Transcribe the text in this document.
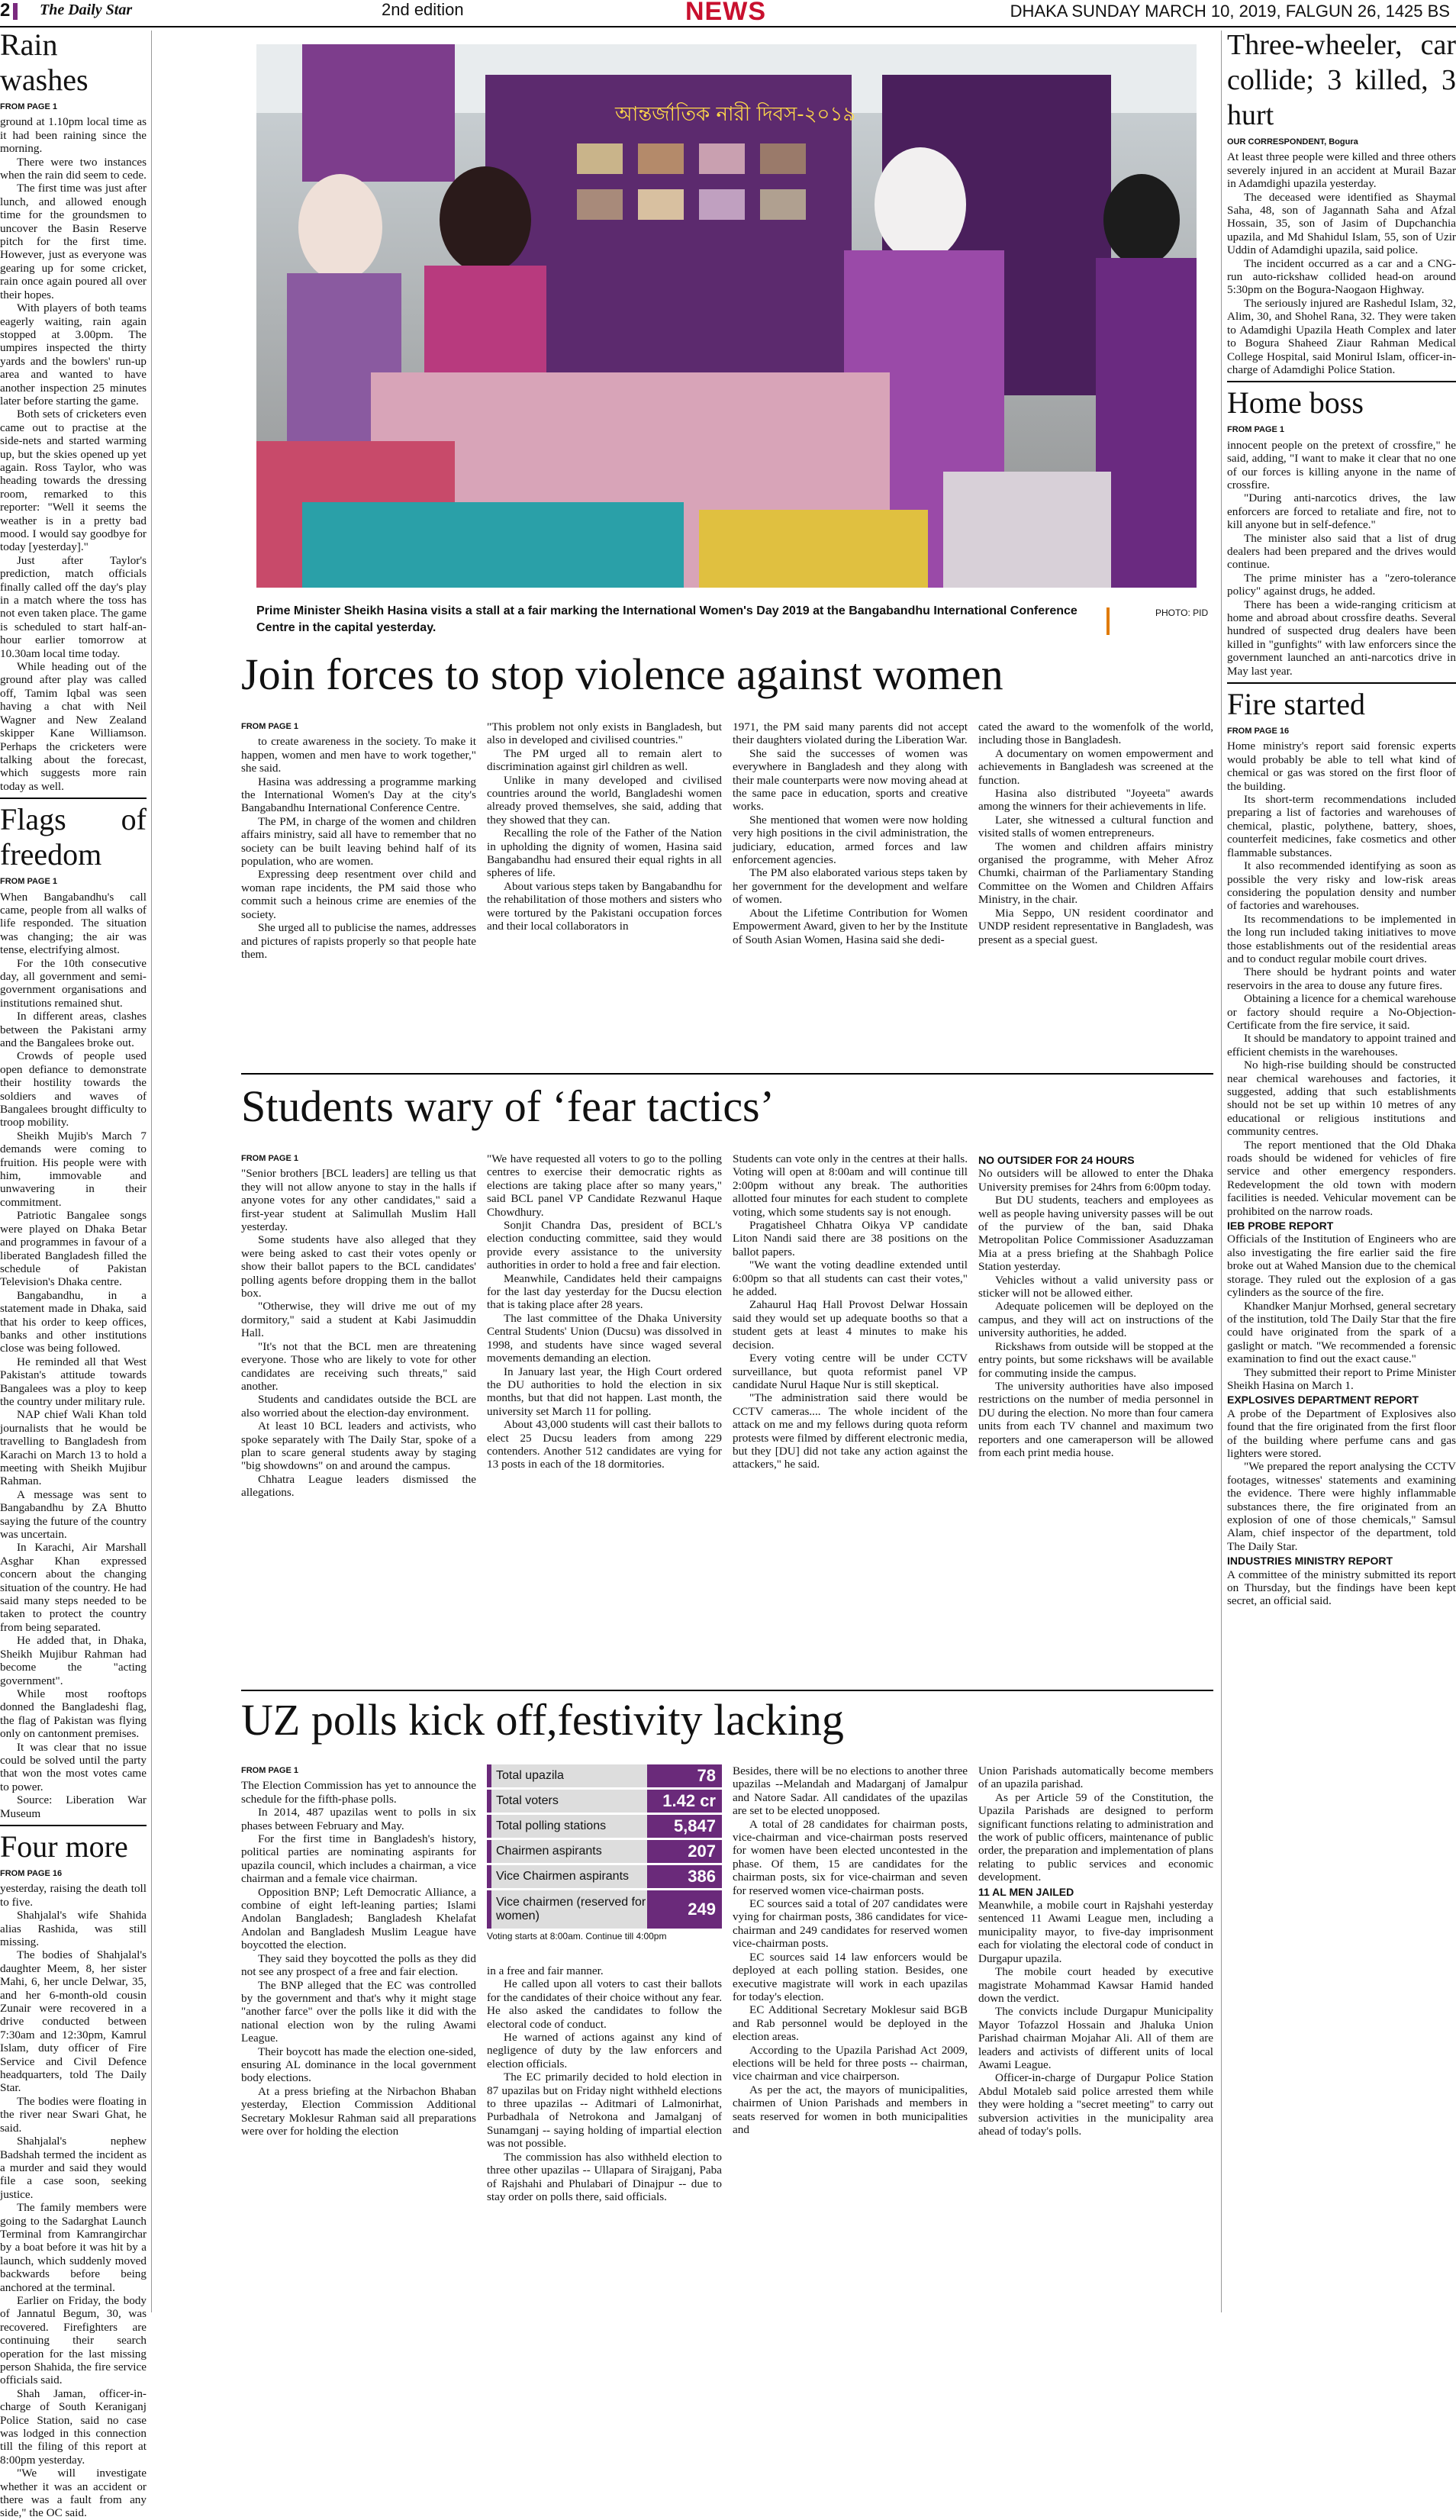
2	The Daily Star	2nd edition	NEWS	DHAKA SUNDAY MARCH 10, 2019, FALGUN 26, 1425 BS
Rain washes
FROM PAGE 1

ground at 1.10pm local time as it had been raining since the morning.

There were two instances when the rain did seem to cede.

The first time was just after lunch, and allowed enough time for the groundsmen to uncover the Basin Reserve pitch for the first time. However, just as everyone was gearing up for some cricket, rain once again poured all over their hopes.

With players of both teams eagerly waiting, rain again stopped at 3.00pm. The umpires inspected the thirty yards and the bowlers' run-up area and wanted to have another inspection 25 minutes later before starting the game.

Both sets of cricketers even came out to practise at the side-nets and started warming up, but the skies opened up yet again. Ross Taylor, who was heading towards the dressing room, remarked to this reporter: "Well it seems the weather is in a pretty bad mood. I would say goodbye for today [yesterday]."

Just after Taylor's prediction, match officials finally called off the day's play in a match where the toss has not even taken place. The game is scheduled to start half-an-hour earlier tomorrow at 10.30am local time today.

While heading out of the ground after play was called off, Tamim Iqbal was seen having a chat with Neil Wagner and New Zealand skipper Kane Williamson. Perhaps the cricketers were talking about the forecast, which suggests more rain today as well.

Flags of freedom
FROM PAGE 1

When Bangabandhu's call came, people from all walks of life responded. The situation was changing; the air was tense, electrifying almost.

For the 10th consecutive day, all government and semi-government organisations and institutions remained shut.

In different areas, clashes between the Pakistani army and the Bangalees broke out.

Crowds of people used open defiance to demonstrate their hostility towards the soldiers and waves of Bangalees brought difficulty to troop mobility.

Sheikh Mujib's March 7 demands were coming to fruition. His people were with him, immovable and unwavering in their commitment.

Patriotic Bangalee songs were played on Dhaka Betar and programmes in favour of a liberated Bangladesh filled the schedule of Pakistan Television's Dhaka centre.

Bangabandhu, in a statement made in Dhaka, said that his order to keep offices, banks and other institutions close was being followed.

He reminded all that West Pakistan's attitude towards Bangalees was a ploy to keep the country under military rule.

NAP chief Wali Khan told journalists that he would be travelling to Bangladesh from Karachi on March 13 to hold a meeting with Sheikh Mujibur Rahman.

A message was sent to Bangabandhu by ZA Bhutto saying the future of the country was uncertain.

In Karachi, Air Marshall Asghar Khan expressed concern about the changing situation of the country. He had said many steps needed to be taken to protect the country from being separated.

He added that, in Dhaka, Sheikh Mujibur Rahman had become the "acting government".

While most rooftops donned the Bangladeshi flag, the flag of Pakistan was flying only on cantonment premises.

It was clear that no issue could be solved until the party that won the most votes came to power.

Source: Liberation War Museum

Four more
FROM PAGE 16

yesterday, raising the death toll to five.

Shahjalal's wife Shahida alias Rashida, was still missing.

The bodies of Shahjalal's daughter Meem, 8, her sister Mahi, 6, her uncle Delwar, 35, and her 6-month-old cousin Zunair were recovered in a drive conducted between 7:30am and 12:30pm, Kamrul Islam, duty officer of Fire Service and Civil Defence headquarters, told The Daily Star.

The bodies were floating in the river near Swari Ghat, he said.

Shahjalal's nephew Badshah termed the incident as a murder and said they would file a case soon, seeking justice.

The family members were going to the Sadarghat Launch Terminal from Kamrangirchar by a boat before it was hit by a launch, which suddenly moved backwards before being anchored at the terminal.

Earlier on Friday, the body of Jannatul Begum, 30, was recovered. Firefighters are continuing their search operation for the last missing person Shahida, the fire service officials said.

Shah Jaman, officer-in-charge of South Keraniganj Police Station, said no case was lodged in this connection till the filing of this report at 8:00pm yesterday.

"We will investigate whether it was an accident or there was a fault from any side," the OC said.

আন্তর্জাতিক নারী দিবস-২০১৯
Prime Minister Sheikh Hasina visits a stall at a fair marking the International Women's Day 2019 at the Bangabandhu International Conference Centre in the capital yesterday.
PHOTO: PID
Join forces to stop violence against women
FROM PAGE 1

to create awareness in the society. To make it happen, women and men have to work together," she said.

Hasina was addressing a programme marking the International Women's Day at the city's Bangabandhu International Conference Centre.

The PM, in charge of the women and children affairs ministry, said all have to remember that no society can be built leaving behind half of its population, who are women.

Expressing deep resentment over child and woman rape incidents, the PM said those who commit such a heinous crime are enemies of the society.

She urged all to publicise the names, addresses and pictures of rapists properly so that people hate them.

"This problem not only exists in Bangladesh, but also in developed and civilised countries."

The PM urged all to remain alert to discrimination against girl children as well.

Unlike in many developed and civilised countries around the world, Bangladeshi women already proved themselves, she said, adding that they showed that they can.

Recalling the role of the Father of the Nation in upholding the dignity of women, Hasina said Bangabandhu had ensured their equal rights in all spheres of life.

About various steps taken by Bangabandhu for the rehabilitation of those mothers and sisters who were tortured by the Pakistani occupation forces and their local collaborators in

1971, the PM said many parents did not accept their daughters violated during the Liberation War.

She said the successes of women was everywhere in Bangladesh and they along with their male counterparts were now moving ahead at the same pace in education, sports and creative works.

She mentioned that women were now holding very high positions in the civil administration, the judiciary, education, armed forces and law enforcement agencies.

The PM also elaborated various steps taken by her government for the development and welfare of women.

About the Lifetime Contribution for Women Empowerment Award, given to her by the Institute of South Asian Women, Hasina said she dedi-

cated the award to the womenfolk of the world, including those in Bangladesh.

A documentary on women empowerment and achievements in Bangladesh was screened at the function.

Hasina also distributed "Joyeeta" awards among the winners for their achievements in life.

Later, she witnessed a cultural function and visited stalls of women entrepreneurs.

The women and children affairs ministry organised the programme, with Meher Afroz Chumki, chairman of the Parliamentary Standing Committee on the Women and Children Affairs Ministry, in the chair.

Mia Seppo, UN resident coordinator and UNDP resident representative in Bangladesh, was present as a special guest.

Students wary of ‘fear tactics’
FROM PAGE 1

"Senior brothers [BCL leaders] are telling us that they will not allow anyone to stay in the halls if anyone votes for any other candidates," said a first-year student at Salimullah Muslim Hall yesterday.

Some students have also alleged that they were being asked to cast their votes openly or show their ballot papers to the BCL candidates' polling agents before dropping them in the ballot box.

"Otherwise, they will drive me out of my dormitory," said a student at Kabi Jasimuddin Hall.

"It's not that the BCL men are threatening everyone. Those who are likely to vote for other candidates are receiving such threats," said another.

Students and candidates outside the BCL are also worried about the election-day environment.

At least 10 BCL leaders and activists, who spoke separately with The Daily Star, spoke of a plan to scare general students away by staging "big showdowns" on and around the campus.

Chhatra League leaders dismissed the allegations.

"We have requested all voters to go to the polling centres to exercise their democratic rights as elections are taking place after so many years," said BCL panel VP Candidate Rezwanul Haque Chowdhury.

Sonjit Chandra Das, president of BCL's election conducting committee, said they would provide every assistance to the university authorities in order to hold a free and fair election.

Meanwhile, Candidates held their campaigns for the last day yesterday for the Ducsu election that is taking place after 28 years.

The last committee of the Dhaka University Central Students' Union (Ducsu) was dissolved in 1998, and students have since waged several movements demanding an election.

In January last year, the High Court ordered the DU authorities to hold the election in six months, but that did not happen. Last month, the university set March 11 for polling.

About 43,000 students will cast their ballots to elect 25 Ducsu leaders from among 229 contenders. Another 512 candidates are vying for 13 posts in each of the 18 dormitories.

Students can vote only in the centres at their halls. Voting will open at 8:00am and will continue till 2:00pm without any break. The authorities allotted four minutes for each student to complete voting, which some students say is not enough.

Pragatisheel Chhatra Oikya VP candidate Liton Nandi said there are 38 positions on the ballot papers.

"We want the voting deadline extended until 6:00pm so that all students can cast their votes," he added.

Zahaurul Haq Hall Provost Delwar Hossain said they would set up adequate booths so that a student gets at least 4 minutes to make his decision.

Every voting centre will be under CCTV surveillance, but quota reformist panel VP candidate Nurul Haque Nur is still skeptical.

"The administration said there would be CCTV cameras.... The whole incident of the attack on me and my fellows during quota reform protests were filmed by different electronic media, but they [DU] did not take any action against the attackers," he said.

NO OUTSIDER FOR 24 HOURS

No outsiders will be allowed to enter the Dhaka University premises for 24hrs from 6:00pm today.

But DU students, teachers and employees as well as people having university passes will be out of the purview of the ban, said Dhaka Metropolitan Police Commissioner Asaduzzaman Mia at a press briefing at the Shahbagh Police Station yesterday.

Vehicles without a valid university pass or sticker will not be allowed either.

Adequate policemen will be deployed on the campus, and they will act on instructions of the university authorities, he added.

Rickshaws from outside will be stopped at the entry points, but some rickshaws will be available for commuting inside the campus.

The university authorities have also imposed restrictions on the number of media personnel in DU during the election. No more than four camera units from each TV channel and maximum two reporters and one cameraperson will be allowed from each print media house.

UZ polls kick off,festivity lacking
FROM PAGE 1

The Election Commission has yet to announce the schedule for the fifth-phase polls.

In 2014, 487 upazilas went to polls in six phases between February and May.

For the first time in Bangladesh's history, political parties are nominating aspirants for upazila council, which includes a chairman, a vice chairman and a female vice chairman.

Opposition BNP; Left Democratic Alliance, a combine of eight left-leaning parties; Islami Andolan Bangladesh; Bangladesh Khelafat Andolan and Bangladesh Muslim League have boycotted the election.

They said they boycotted the polls as they did not see any prospect of a free and fair election.

The BNP alleged that the EC was controlled by the government and that's why it might stage "another farce" over the polls like it did with the national election won by the ruling Awami League.

Their boycott has made the election one-sided, ensuring AL dominance in the local government body elections.

At a press briefing at the Nirbachon Bhaban yesterday, Election Commission Additional Secretary Moklesur Rahman said all preparations were over for holding the election

Total upazila	78
Total voters	1.42 cr
Total polling stations	5,847
Chairmen aspirants	207
Vice Chairmen aspirants	386
Vice chairmen (reserved for women)	249
Voting starts at 8:00am. Continue till 4:00pm

in a free and fair manner.

He called upon all voters to cast their ballots for the candidates of their choice without any fear. He also asked the candidates to follow the electoral code of conduct.

He warned of actions against any kind of negligence of duty by the law enforcers and election officials.

The EC primarily decided to hold election in 87 upazilas but on Friday night withheld elections to three upazilas -- Aditmari of Lalmonirhat, Purbadhala of Netrokona and Jamalganj of Sunamganj -- saying holding of impartial election was not possible.

The commission has also withheld election to three other upazilas -- Ullapara of Sirajganj, Paba of Rajshahi and Phulabari of Dinajpur -- due to stay order on polls there, said officials.

Besides, there will be no elections to another three upazilas --Melandah and Madarganj of Jamalpur and Natore Sadar. All candidates of the upazilas are set to be elected unopposed.

A total of 28 candidates for chairman posts, vice-chairman and vice-chairman posts reserved for women have been elected uncontested in the phase. Of them, 15 are candidates for the chairman posts, six for vice-chairman and seven for reserved women vice-chairman posts.

EC sources said a total of 207 candidates were vying for chairman posts, 386 candidates for vice-chairman and 249 candidates for reserved women vice-chairman posts.

EC sources said 14 law enforcers would be deployed at each polling station. Besides, one executive magistrate will work in each upazilas for today's election.

EC Additional Secretary Moklesur said BGB and Rab personnel would be deployed in the election areas.

According to the Upazila Parishad Act 2009, elections will be held for three posts -- chairman, vice chairman and vice chairperson.

As per the act, the mayors of municipalities, chairmen of Union Parishads and members in seats reserved for women in both municipalities and

Union Parishads automatically become members of an upazila parishad.

As per Article 59 of the Constitution, the Upazila Parishads are designed to perform significant functions relating to administration and the work of public officers, maintenance of public order, the preparation and implementation of plans relating to public services and economic development.

11 AL MEN JAILED

Meanwhile, a mobile court in Rajshahi yesterday sentenced 11 Awami League men, including a municipality mayor, to five-day imprisonment each for violating the electoral code of conduct in Durgapur upazila.

The mobile court headed by executive magistrate Mohammad Kawsar Hamid handed down the verdict.

The convicts include Durgapur Municipality Mayor Tofazzol Hossain and Jhaluka Union Parishad chairman Mojahar Ali. All of them are leaders and activists of different units of local Awami League.

Officer-in-charge of Durgapur Police Station Abdul Motaleb said police arrested them while they were holding a "secret meeting" to carry out subversion activities in the municipality area ahead of today's polls.

Three-wheeler, car collide; 3 killed, 3 hurt
OUR CORRESPONDENT, Bogura

At least three people were killed and three others severely injured in an accident at Murail Bazar in Adamdighi upazila yesterday.

The deceased were identified as Shaymal Saha, 48, son of Jagannath Saha and Afzal Hossain, 35, son of Jasim of Dupchanchia upazila, and Md Shahidul Islam, 55, son of Uzir Uddin of Adamdighi upazila, said police.

The incident occurred as a car and a CNG-run auto-rickshaw collided head-on around 5:30pm on the Bogura-Naogaon Highway.

The seriously injured are Rashedul Islam, 32, Alim, 30, and Shohel Rana, 32. They were taken to Adamdighi Upazila Heath Complex and later to Bogura Shaheed Ziaur Rahman Medical College Hospital, said Monirul Islam, officer-in-charge of Adamdighi Police Station.

Home boss
FROM PAGE 1

innocent people on the pretext of crossfire," he said, adding, "I want to make it clear that no one of our forces is killing anyone in the name of crossfire.

"During anti-narcotics drives, the law enforcers are forced to retaliate and fire, not to kill anyone but in self-defence."

The minister also said that a list of drug dealers had been prepared and the drives would continue.

The prime minister has a "zero-tolerance policy" against drugs, he added.

There has been a wide-ranging criticism at home and abroad about crossfire deaths. Several hundred of suspected drug dealers have been killed in "gunfights" with law enforcers since the government launched an anti-narcotics drive in May last year.

Fire started
FROM PAGE 16

Home ministry's report said forensic experts would probably be able to tell what kind of chemical or gas was stored on the first floor of the building.

Its short-term recommendations included preparing a list of factories and warehouses of chemical, plastic, polythene, battery, shoes, counterfeit medicines, fake cosmetics and other flammable substances.

It also recommended identifying as soon as possible the very risky and low-risk areas considering the population density and number of factories and warehouses.

Its recommendations to be implemented in the long run included taking initiatives to move those establishments out of the residential areas and to conduct regular mobile court drives.

There should be hydrant points and water reservoirs in the area to douse any future fires.

Obtaining a licence for a chemical warehouse or factory should require a No-Objection-Certificate from the fire service, it said.

It should be mandatory to appoint trained and efficient chemists in the warehouses.

No high-rise building should be constructed near chemical warehouses and factories, it suggested, adding that such establishments should not be set up within 10 metres of any educational or religious institutions and community centres.

The report mentioned that the Old Dhaka roads should be widened for vehicles of fire service and other emergency responders. Redevelopment the old town with modern facilities is needed. Vehicular movement can be prohibited on the narrow roads.

IEB PROBE REPORT

Officials of the Institution of Engineers who are also investigating the fire earlier said the fire broke out at Wahed Mansion due to the chemical storage. They ruled out the explosion of a gas cylinders as the source of the fire.

Khandker Manjur Morhsed, general secretary of the institution, told The Daily Star that the fire could have originated from the spark of a gaslight or match. "We recommended a forensic examination to find out the exact cause."

They submitted their report to Prime Minister Sheikh Hasina on March 1.

EXPLOSIVES DEPARTMENT REPORT

A probe of the Department of Explosives also found that the fire originated from the first floor of the building where perfume cans and gas lighters were stored.

"We prepared the report analysing the CCTV footages, witnesses' statements and examining the evidence. There were highly inflammable substances there, the fire originated from an explosion of one of those chemicals," Samsul Alam, chief inspector of the department, told The Daily Star.

INDUSTRIES MINISTRY REPORT

A committee of the ministry submitted its report on Thursday, but the findings have been kept secret, an official said.
